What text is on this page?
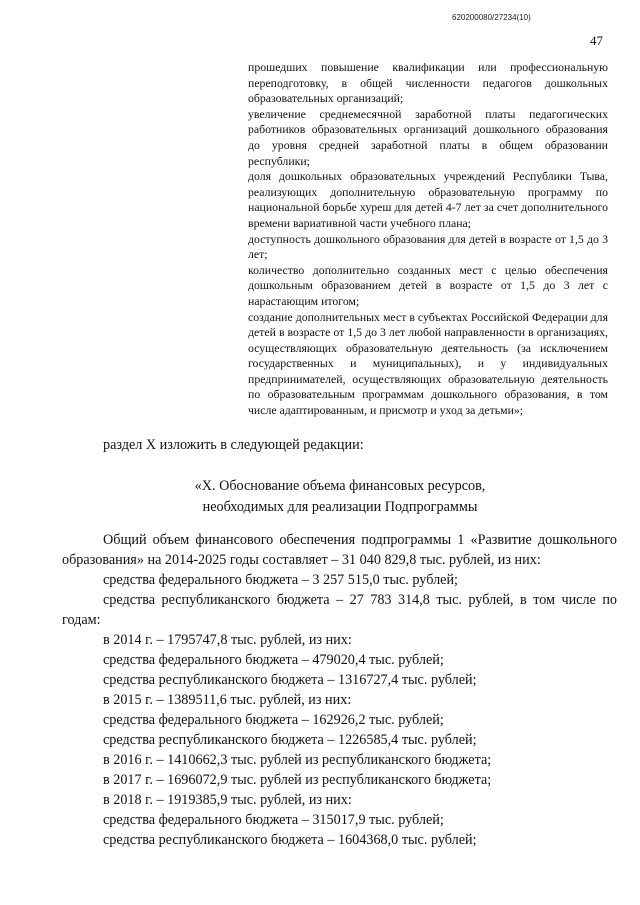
620200080/27234(10)
47

прошедших повышение квалификации или профессиональную переподготовку, в общей численности педагогов дошкольных образовательных организаций;

увеличение среднемесячной заработной платы педагогических работников образовательных организаций дошкольного образования до уровня средней заработной платы в общем образовании республики;

доля дошкольных образовательных учреждений Республики Тыва, реализующих дополнительную образовательную программу по национальной борьбе хуреш для детей 4-7 лет за счет дополнительного времени вариативной части учебного плана;

доступность дошкольного образования для детей в возрасте от 1,5 до 3 лет;

количество дополнительно созданных мест с целью обеспечения дошкольным образованием детей в возрасте от 1,5 до 3 лет с нарастающим итогом;

создание дополнительных мест в субъектах Российской Федерации для детей в возрасте от 1,5 до 3 лет любой направленности в организациях, осуществляющих образовательную деятельность (за исключением государственных и муниципальных), и у индивидуальных предпринимателей, осуществляющих образовательную деятельность по образовательным программам дошкольного образования, в том числе адаптированным, и присмотр и уход за детьми»;

раздел X изложить в следующей редакции:
«X. Обоснование объема финансовых ресурсов,
необходимых для реализации Подпрограммы

Общий объем финансового обеспечения подпрограммы 1 «Развитие дошкольного образования» на 2014-2025 годы составляет – 31 040 829,8 тыс. рублей, из них:

средства федерального бюджета – 3 257 515,0 тыс. рублей;

средства республиканского бюджета – 27 783 314,8 тыс. рублей, в том числе по годам:

в 2014 г. – 1795747,8 тыс. рублей, из них:

средства федерального бюджета – 479020,4 тыс. рублей;

средства республиканского бюджета – 1316727,4 тыс. рублей;

в 2015 г. – 1389511,6 тыс. рублей, из них:

средства федерального бюджета – 162926,2 тыс. рублей;

средства республиканского бюджета – 1226585,4 тыс. рублей;

в 2016 г. – 1410662,3 тыс. рублей из республиканского бюджета;

в 2017 г. – 1696072,9 тыс. рублей из республиканского бюджета;

в 2018 г. – 1919385,9 тыс. рублей, из них:

средства федерального бюджета – 315017,9 тыс. рублей;

средства республиканского бюджета – 1604368,0 тыс. рублей;
